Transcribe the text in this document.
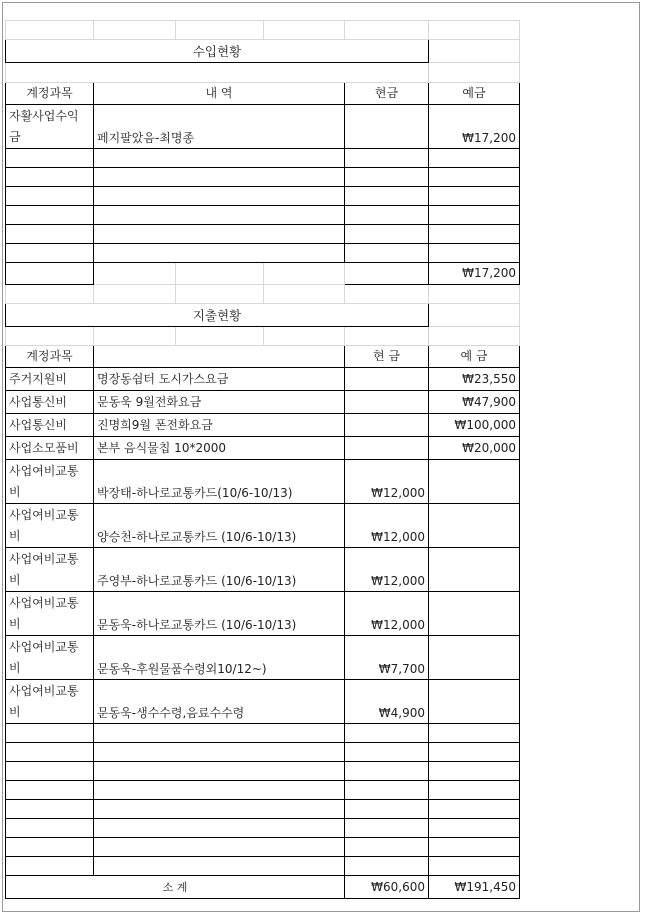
수입현황					

계정과목	내 역			현금	예금
자활사업수익금	페지팔았음-최명종				₩17,200

					₩17,200

지출현황					

계정과목				현 금	예 금
주거지원비	명장동쉼터 도시가스요금				₩23,550
사업통신비	문동욱 9월전화요금				₩47,900
사업통신비	진명희9월 폰전화요금				₩100,000
사업소모품비	본부 음식물칩 10*2000				₩20,000
사업여비교통비	박장태-하나로교통카드(10/6-10/13)			₩12,000	
사업여비교통비	양승천-하나로교통카드 (10/6-10/13)			₩12,000	
사업여비교통비	주영부-하나로교통카드 (10/6-10/13)			₩12,000	
사업여비교통비	문동욱-하나로교통카드 (10/6-10/13)			₩12,000	
사업여비교통비	문동욱-후원물품수령외10/12~)			₩7,700	
사업여비교통비	문동욱-생수수령,음료수수령			₩4,900	

소 계				₩60,600	₩191,450
